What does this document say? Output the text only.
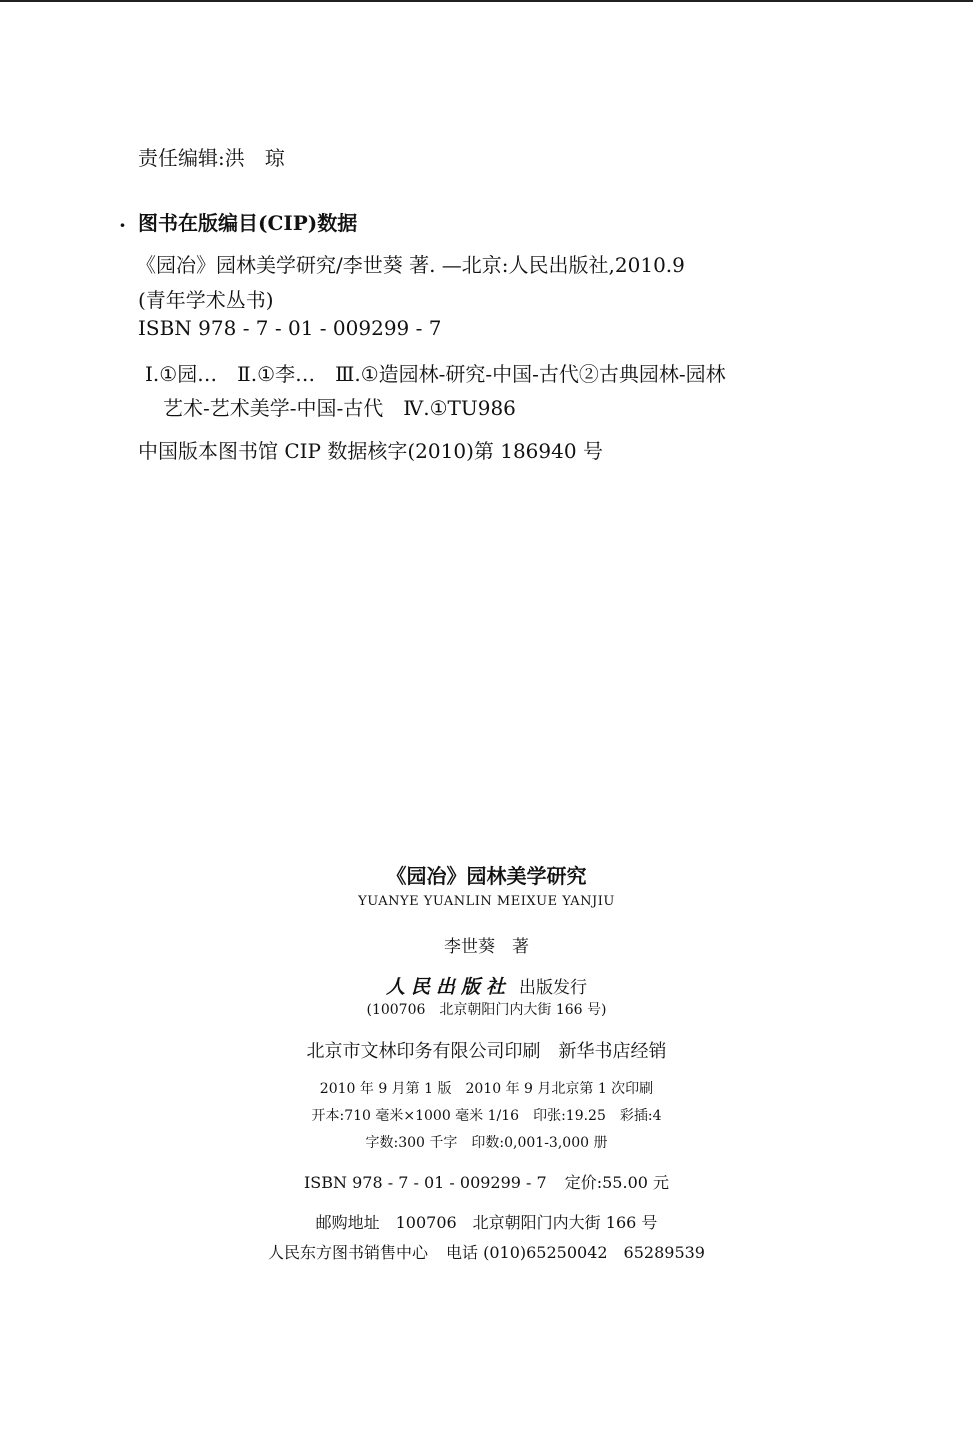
责任编辑:洪　琼
· 图书在版编目(CIP)数据
《园冶》园林美学研究/李世葵 著. —北京:人民出版社,2010.9
(青年学术丛书)
ISBN 978 - 7 - 01 - 009299 - 7
Ⅰ.①园…　Ⅱ.①李…　Ⅲ.①造园林-研究-中国-古代②古典园林-园林
艺术-艺术美学-中国-古代　Ⅳ.①TU986
中国版本图书馆 CIP 数据核字(2010)第 186940 号
《园冶》园林美学研究
YUANYE YUANLIN MEIXUE YANJIU
李世葵　著
人民出版社 出版发行
(100706　北京朝阳门内大街 166 号)
北京市文林印务有限公司印刷 新华书店经销
2010 年 9 月第 1 版　2010 年 9 月北京第 1 次印刷
开本:710 毫米×1000 毫米 1/16　印张:19.25　彩插:4
字数:300 千字　印数:0,001-3,000 册
ISBN 978 - 7 - 01 - 009299 - 7 定价:55.00 元
邮购地址　100706　北京朝阳门内大街 166 号
人民东方图书销售中心 电话 (010)65250042　65289539
